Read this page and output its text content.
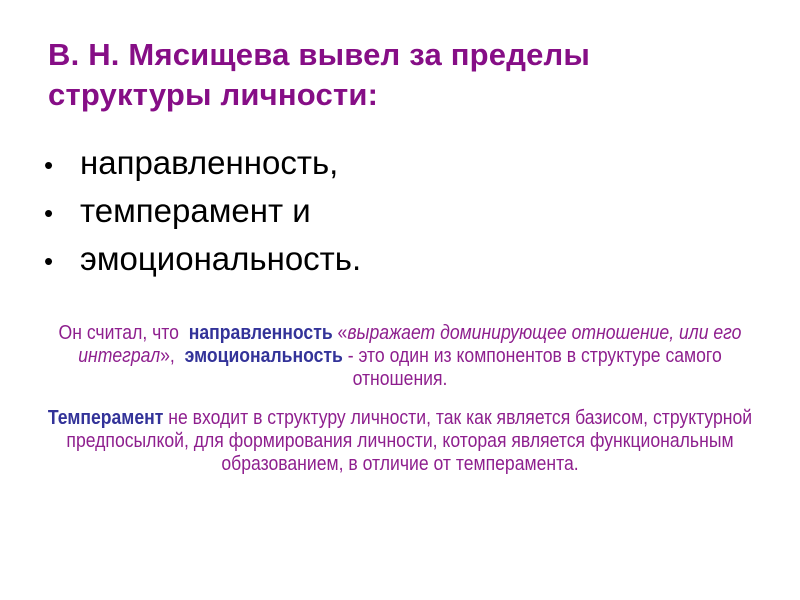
В. Н. Мясищева вывел за пределы структуры личности:
• направленность,
• темперамент и
• эмоциональность.

Он считал, что  направленность «выражает доминирующее отношение, или его интеграл»,  эмоциональность - это один из компонентов в структуре самого отношения.

Темперамент не входит в структуру личности, так как является базисом, структурной предпосылкой, для формирования личности, которая является функциональным образованием, в отличие от темперамента.
